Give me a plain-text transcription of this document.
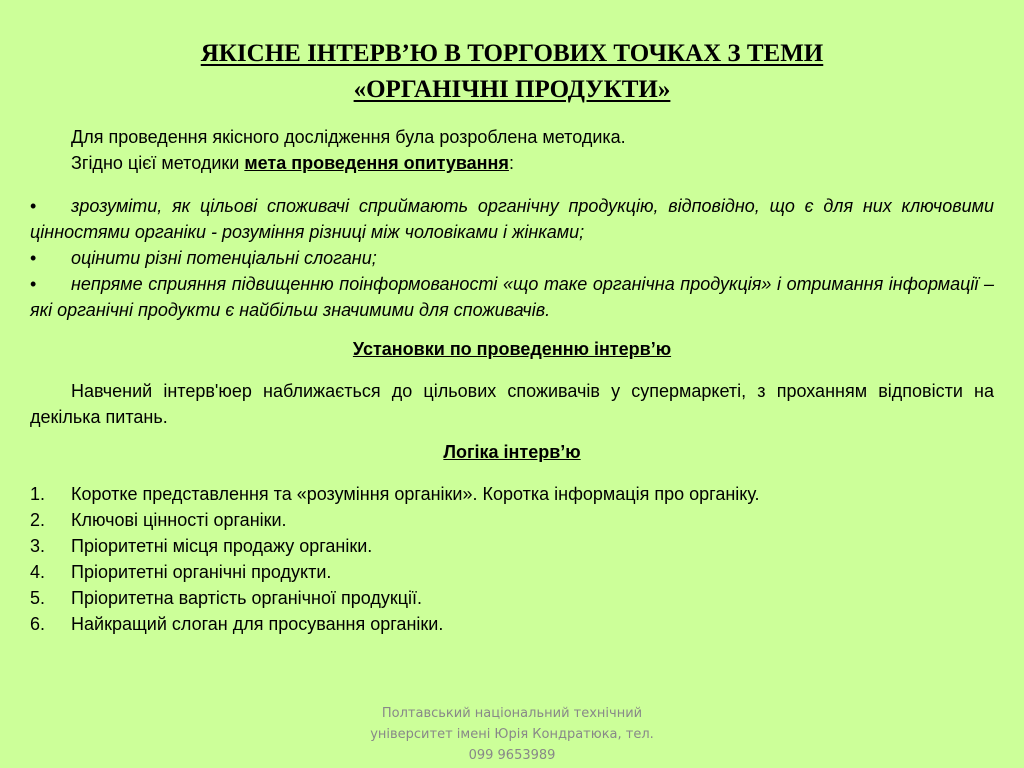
ЯКІСНЕ ІНТЕРВ’Ю В ТОРГОВИХ ТОЧКАХ З ТЕМИ
«ОРГАНІЧНІ ПРОДУКТИ»

Для проведення якісного дослідження була розроблена методика.

Згідно цієї методики мета проведення опитування:

• зрозуміти, як цільові споживачі сприймають органічну продукцію, відповідно, що є для них ключовими цінностями органіки - розуміння різниці між чоловіками і жінками;
• оцінити різні потенціальні слогани;
• непряме сприяння підвищенню поінформованості «що таке органічна продукція» і отримання інформації – які органічні продукти є найбільш значимими для споживачів.
Установки по проведенню інтерв’ю

Навчений інтерв'юер наближається до цільових споживачів у супермаркеті, з проханням відповісти на декілька питань.

Логіка інтерв’ю
1. Коротке представлення та «розуміння органіки». Коротка інформація про органіку.
2. Ключові цінності органіки.
3. Пріоритетні місця продажу органіки.
4. Пріоритетні органічні продукти.
5. Пріоритетна вартість органічної продукції.
6. Найкращий слоган для просування органіки.
Полтавський національний технічний
університет імені Юрія Кондратюка, тел.
099 9653989
